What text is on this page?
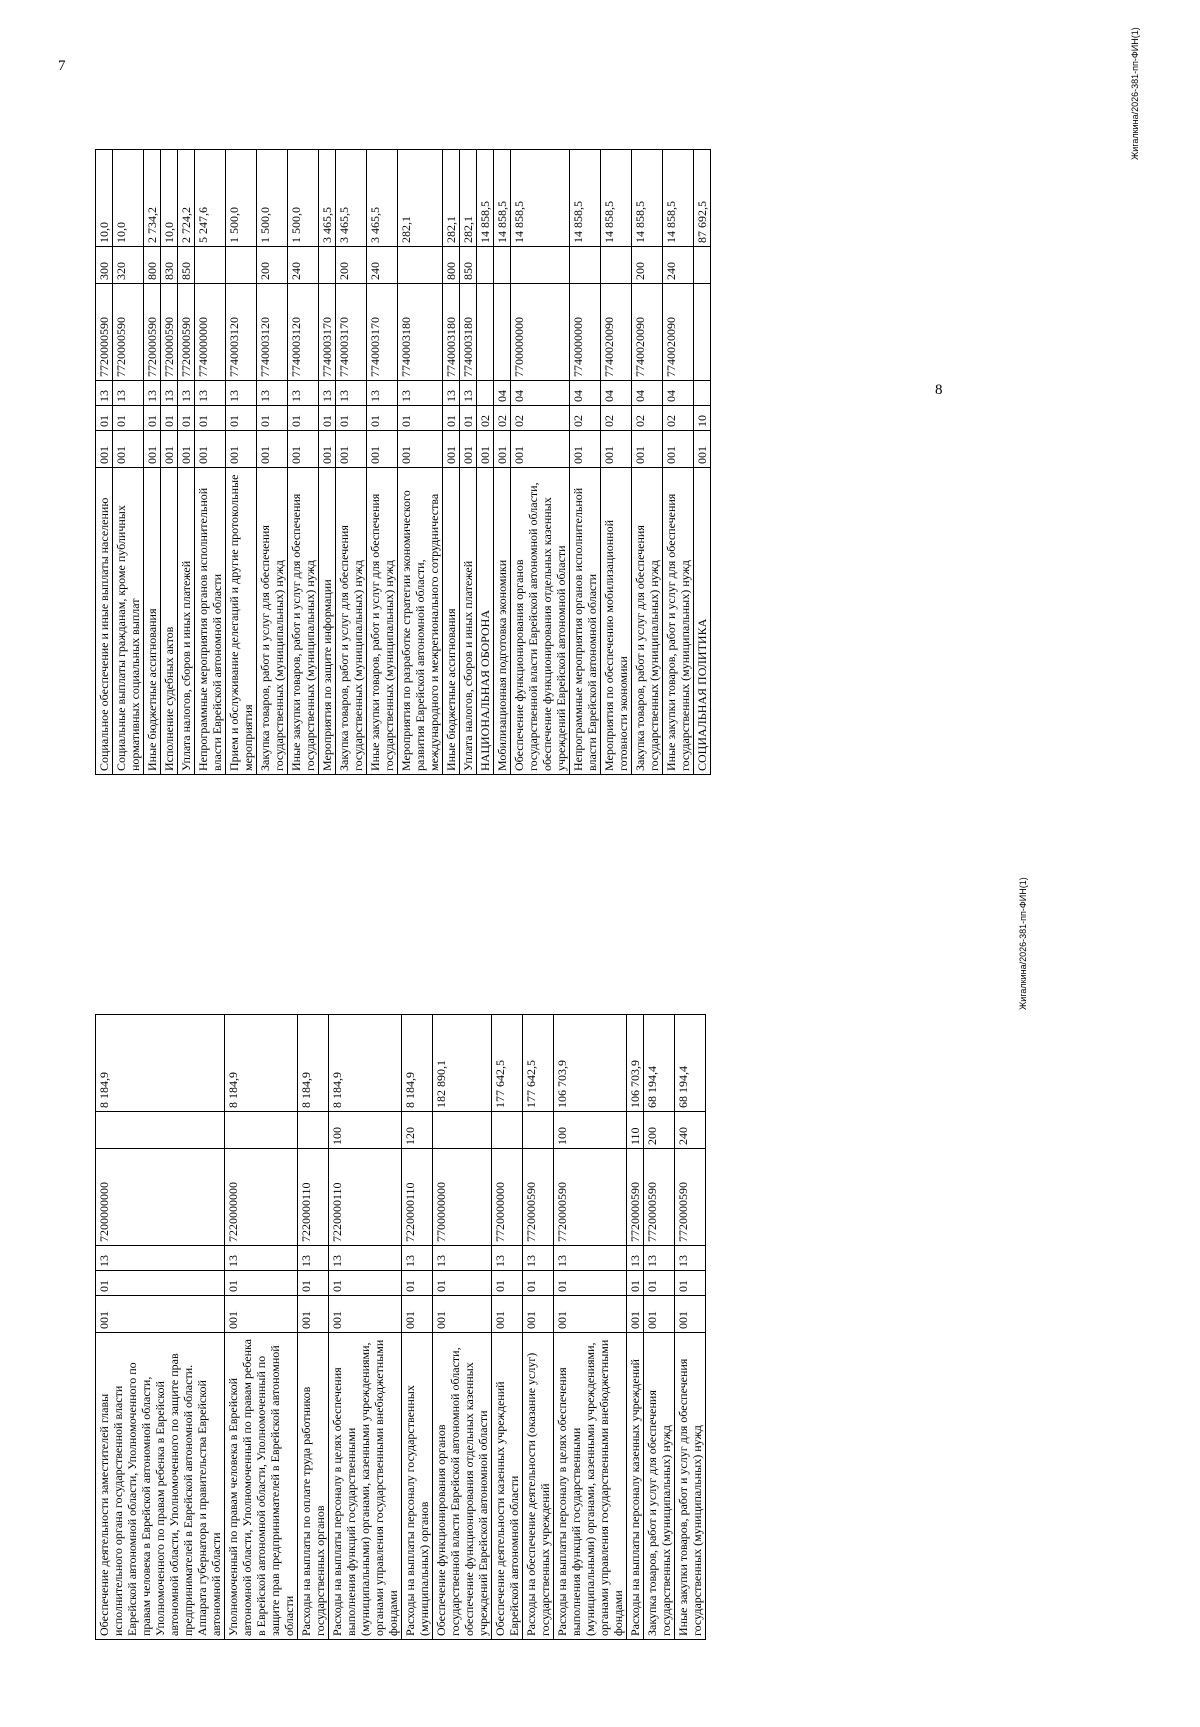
7
Обеспечение деятельности заместителей главы исполнительного органа государственной власти Еврейской автономной области, Уполномоченного по правам человека в Еврейской автономной области, Уполномоченного по правам ребенка в Еврейской автономной области, Уполномоченного по защите прав предпринимателей в Еврейской автономной области. Аппарата губернатора и правительства Еврейской автономной области	001	01	13	7200000000		8 184,9
Уполномоченный по правам человека в Еврейской автономной области, Уполномоченный по правам ребенка в Еврейской автономной области, Уполномоченный по защите прав предпринимателей в Еврейской автономной области	001	01	13	7220000000		8 184,9
Расходы на выплаты по оплате труда работников государственных органов	001	01	13	7220000110		8 184,9
Расходы на выплаты персоналу в целях обеспечения выполнения функций государственными (муниципальными) органами, казенными учреждениями, органами управления государственными внебюджетными фондами	001	01	13	7220000110	100	8 184,9
Расходы на выплаты персоналу государственных (муниципальных) органов	001	01	13	7220000110	120	8 184,9
Обеспечение функционирования органов государственной власти Еврейской автономной области, обеспечение функционирования отдельных казенных учреждений Еврейской автономной области	001	01	13	7700000000		182 890,1
Обеспечение деятельности казенных учреждений Еврейской автономной области	001	01	13	7720000000		177 642,5
Расходы на обеспечение деятельности (оказание услуг) государственных учреждений	001	01	13	7720000590		177 642,5
Расходы на выплаты персоналу в целях обеспечения выполнения функций государственными (муниципальными) органами, казенными учреждениями, органами управления государственными внебюджетными фондами	001	01	13	7720000590	100	106 703,9
Расходы на выплаты персоналу казенных учреждений	001	01	13	7720000590	110	106 703,9
Закупка товаров, работ и услуг для обеспечения государственных (муниципальных) нужд	001	01	13	7720000590	200	68 194,4
Иные закупки товаров, работ и услуг для обеспечения государственных (муниципальных) нужд	001	01	13	7720000590	240	68 194,4
Жигалкина/2026-381-пп-ФИН(1)
8
Социальное обеспечение и иные выплаты населению	001	01	13	7720000590	300	10,0
Социальные выплаты гражданам, кроме публичных нормативных социальных выплат	001	01	13	7720000590	320	10,0
Иные бюджетные ассигнования	001	01	13	7720000590	800	2 734,2
Исполнение судебных актов	001	01	13	7720000590	830	10,0
Уплата налогов, сборов и иных платежей	001	01	13	7720000590	850	2 724,2
Непрограммные мероприятия органов исполнительной власти Еврейской автономной области	001	01	13	7740000000		5 247,6
Прием и обслуживание делегаций и другие протокольные мероприятия	001	01	13	7740003120		1 500,0
Закупка товаров, работ и услуг для обеспечения государственных (муниципальных) нужд	001	01	13	7740003120	200	1 500,0
Иные закупки товаров, работ и услуг для обеспечения государственных (муниципальных) нужд	001	01	13	7740003120	240	1 500,0
Мероприятия по защите информации	001	01	13	7740003170		3 465,5
Закупка товаров, работ и услуг для обеспечения государственных (муниципальных) нужд	001	01	13	7740003170	200	3 465,5
Иные закупки товаров, работ и услуг для обеспечения государственных (муниципальных) нужд	001	01	13	7740003170	240	3 465,5
Мероприятия по разработке стратегии экономического развития Еврейской автономной области, международного и межрегионального сотрудничества	001	01	13	7740003180		282,1
Иные бюджетные ассигнования	001	01	13	7740003180	800	282,1
Уплата налогов, сборов и иных платежей	001	01	13	7740003180	850	282,1
НАЦИОНАЛЬНАЯ ОБОРОНА	001	02				14 858,5
Мобилизационная подготовка экономики	001	02	04			14 858,5
Обеспечение функционирования органов государственной власти Еврейской автономной области, обеспечение функционирования отдельных казенных учреждений Еврейской автономной области	001	02	04	7700000000		14 858,5
Непрограммные мероприятия органов исполнительной власти Еврейской автономной области	001	02	04	7740000000		14 858,5
Мероприятия по обеспечению мобилизационной готовности экономики	001	02	04	7740020090		14 858,5
Закупка товаров, работ и услуг для обеспечения государственных (муниципальных) нужд	001	02	04	7740020090	200	14 858,5
Иные закупки товаров, работ и услуг для обеспечения государственных (муниципальных) нужд	001	02	04	7740020090	240	14 858,5
СОЦИАЛЬНАЯ ПОЛИТИКА	001	10				87 692,5
Жигалкина/2026-381-пп-ФИН(1)
